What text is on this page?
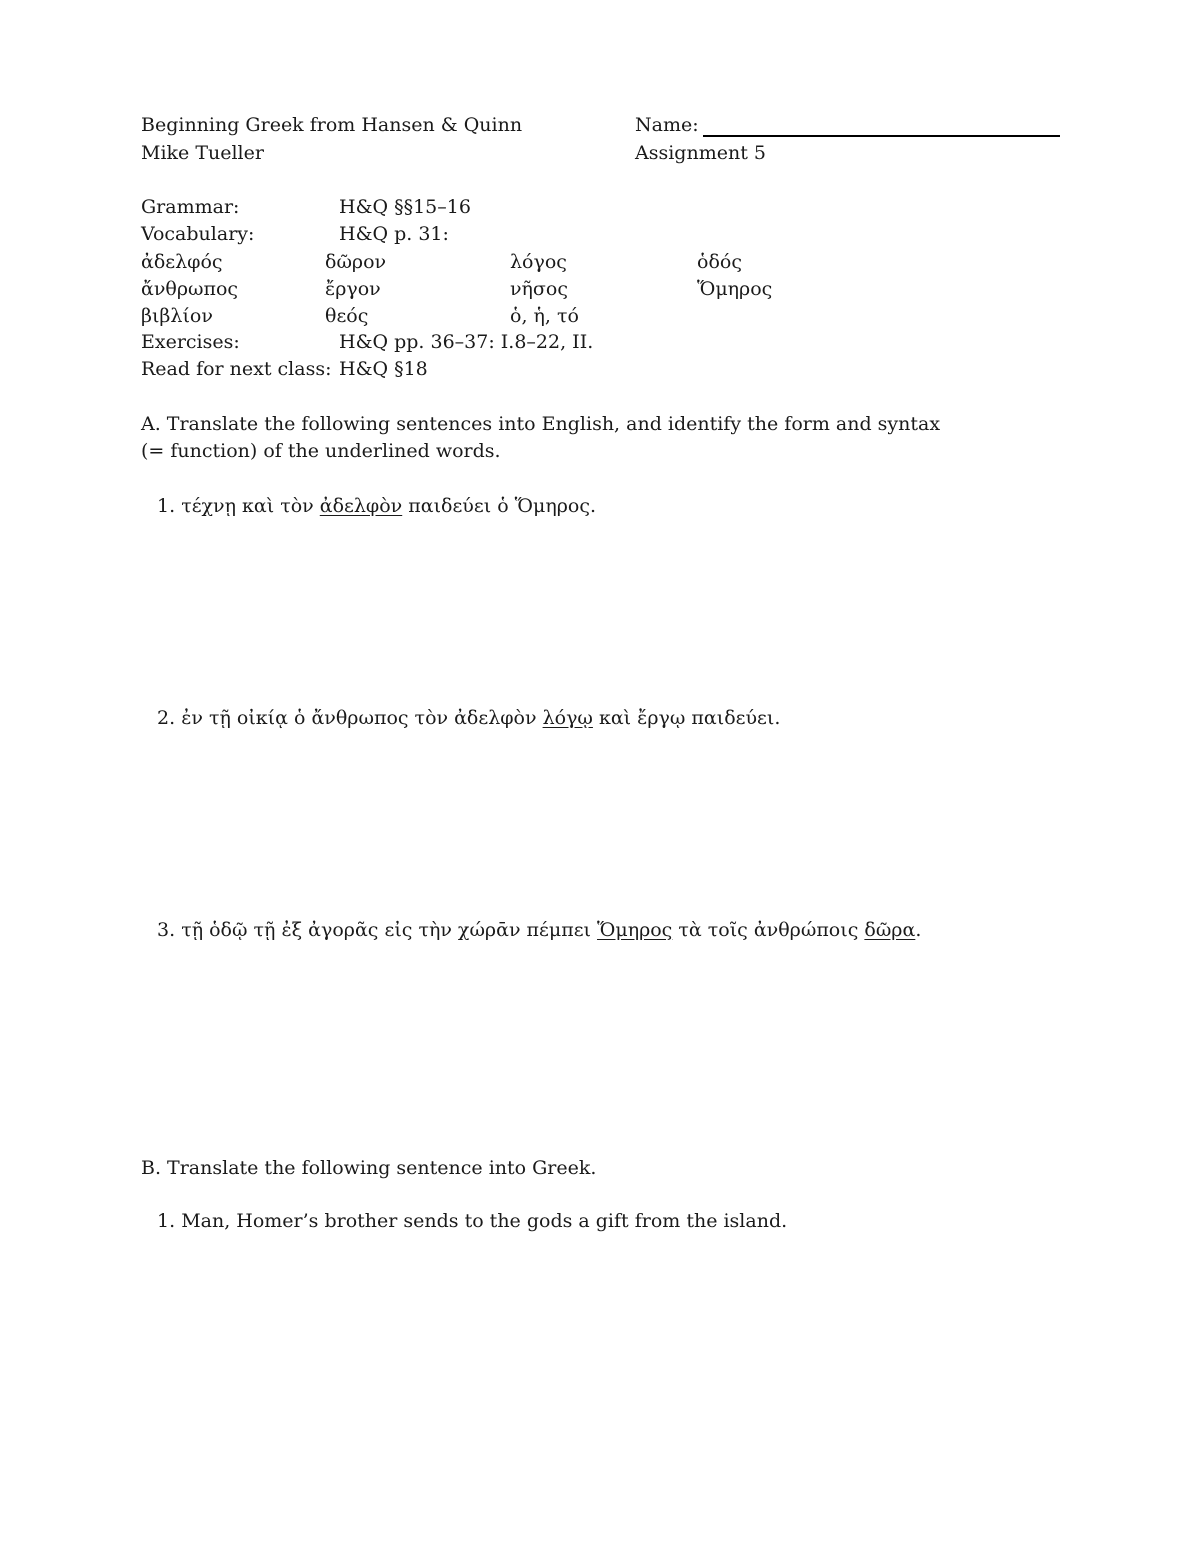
Beginning Greek from Hansen & Quinn
Mike Tueller
Name:
Assignment 5
Grammar:	H&Q §§15–16
Vocabulary:	H&Q p. 31:
ἀδελφός	δῶρον	λόγος	ὁδός
ἄνθρωπος	ἔργον	νῆσος	Ὅμηρος
βιβλίον	θεός	ὁ, ἡ, τό
Exercises:	H&Q pp. 36–37: I.8–22, II.
Read for next class: H&Q §18
A. Translate the following sentences into English, and identify the form and syntax
(= function) of the underlined words.
1. τέχνῃ καὶ τὸν ἀδελφὸν παιδεύει ὁ Ὅμηρος.
2. ἐν τῇ οἰκίᾳ ὁ ἄνθρωπος τὸν ἀδελφὸν λόγῳ καὶ ἔργῳ παιδεύει.
3. τῇ ὁδῷ τῇ ἐξ ἀγορᾶς εἰς τὴν χώρᾱν πέμπει Ὅμηρος τὰ τοῖς ἀνθρώποις δῶρα.
B. Translate the following sentence into Greek.
1. Man, Homer’s brother sends to the gods a gift from the island.
